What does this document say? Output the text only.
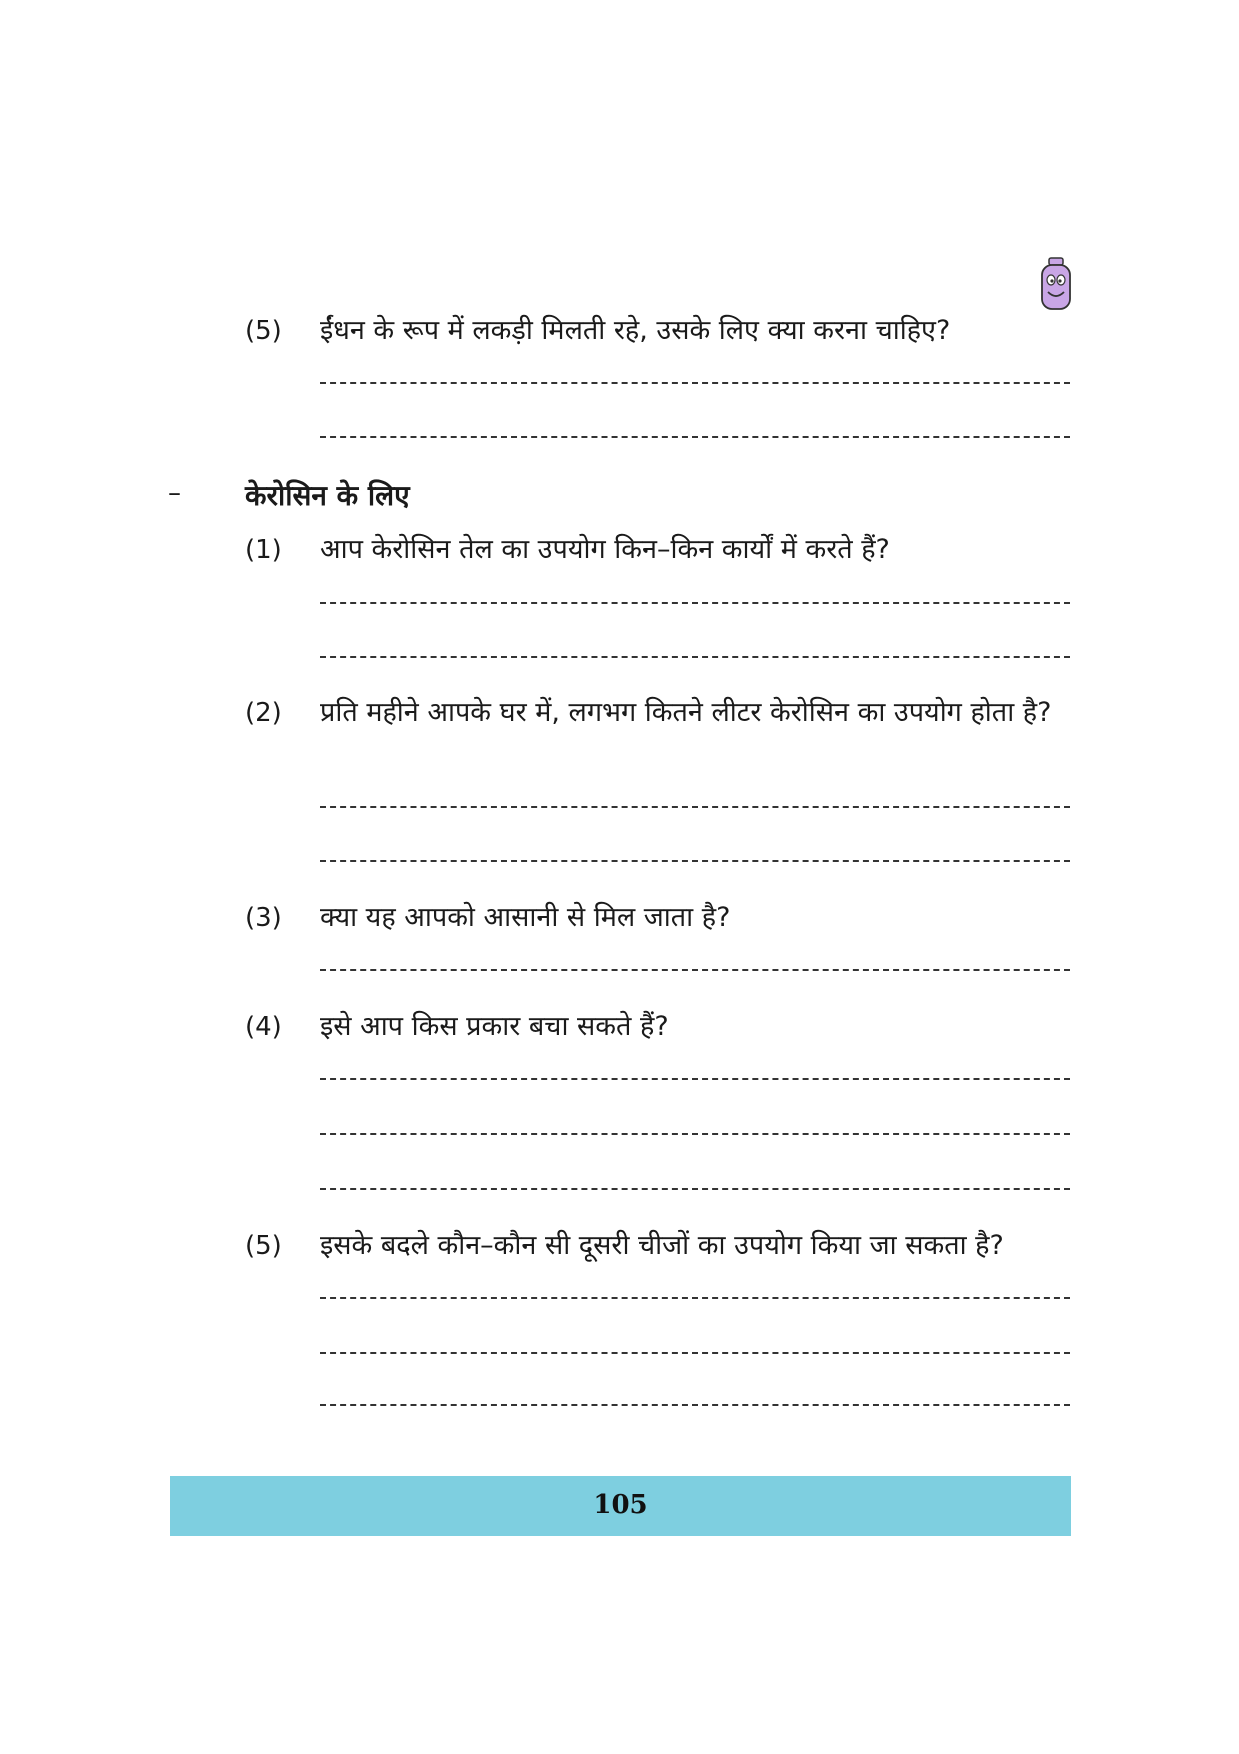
(5) ईंधन के रूप में लकड़ी मिलती रहे, उसके लिए क्या करना चाहिए?
– केरोसिन के लिए
(1) आप केरोसिन तेल का उपयोग किन–किन कार्यों में करते हैं?
(2) प्रति महीने आपके घर में, लगभग कितने लीटर केरोसिन का उपयोग होता है?
(3) क्या यह आपको आसानी से मिल जाता है?
(4) इसे आप किस प्रकार बचा सकते हैं?
(5) इसके बदले कौन–कौन सी दूसरी चीजों का उपयोग किया जा सकता है?
105
